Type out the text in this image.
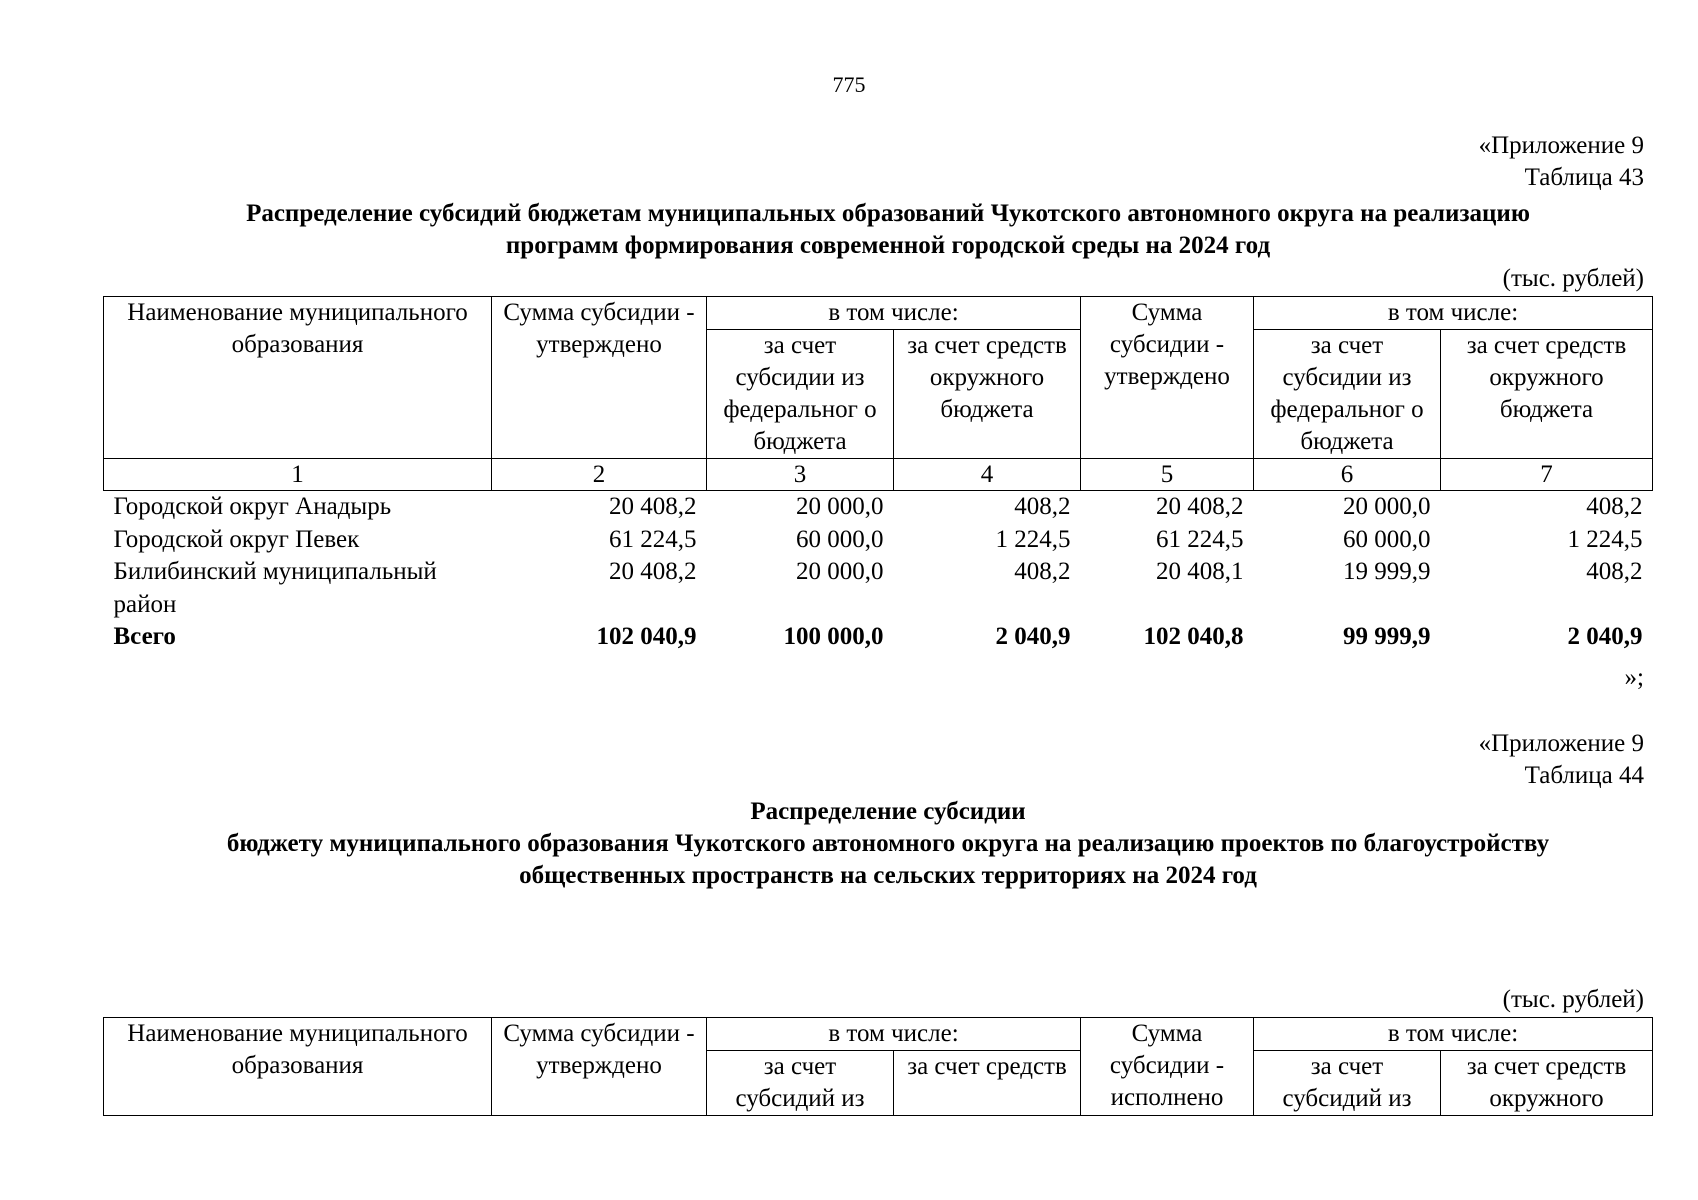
775
«Приложение 9
Таблица 43
Распределение субсидий бюджетам муниципальных образований Чукотского автономного округа на реализацию
программ формирования современной городской среды на 2024 год
(тыс. рублей)
Наименование муниципального образования	Сумма субсидии - утверждено	в том числе:		Сумма субсидии - утверждено	в том числе:	
		за счет субсидии из федеральног о бюджета	за счет средств окружного бюджета		за счет субсидии из федеральног о бюджета	за счет средств окружного бюджета
1	2	3	4	5	6	7
Городской округ Анадырь	20 408,2	20 000,0	408,2	20 408,2	20 000,0	408,2
Городской округ Певек	61 224,5	60 000,0	1 224,5	61 224,5	60 000,0	1 224,5
Билибинский муниципальный район	20 408,2	20 000,0	408,2	20 408,1	19 999,9	408,2
Всего	102 040,9	100 000,0	2 040,9	102 040,8	99 999,9	2 040,9
»;
«Приложение 9
Таблица 44
Распределение субсидии
бюджету муниципального образования Чукотского автономного округа на реализацию проектов по благоустройству
общественных пространств на сельских территориях на 2024 год
(тыс. рублей)
Наименование муниципального образования	Сумма субсидии - утверждено	в том числе:		Сумма субсидии - исполнено	в том числе:	
		за счет субсидий из	за счет средств		за счет субсидий из	за счет средств окружного
